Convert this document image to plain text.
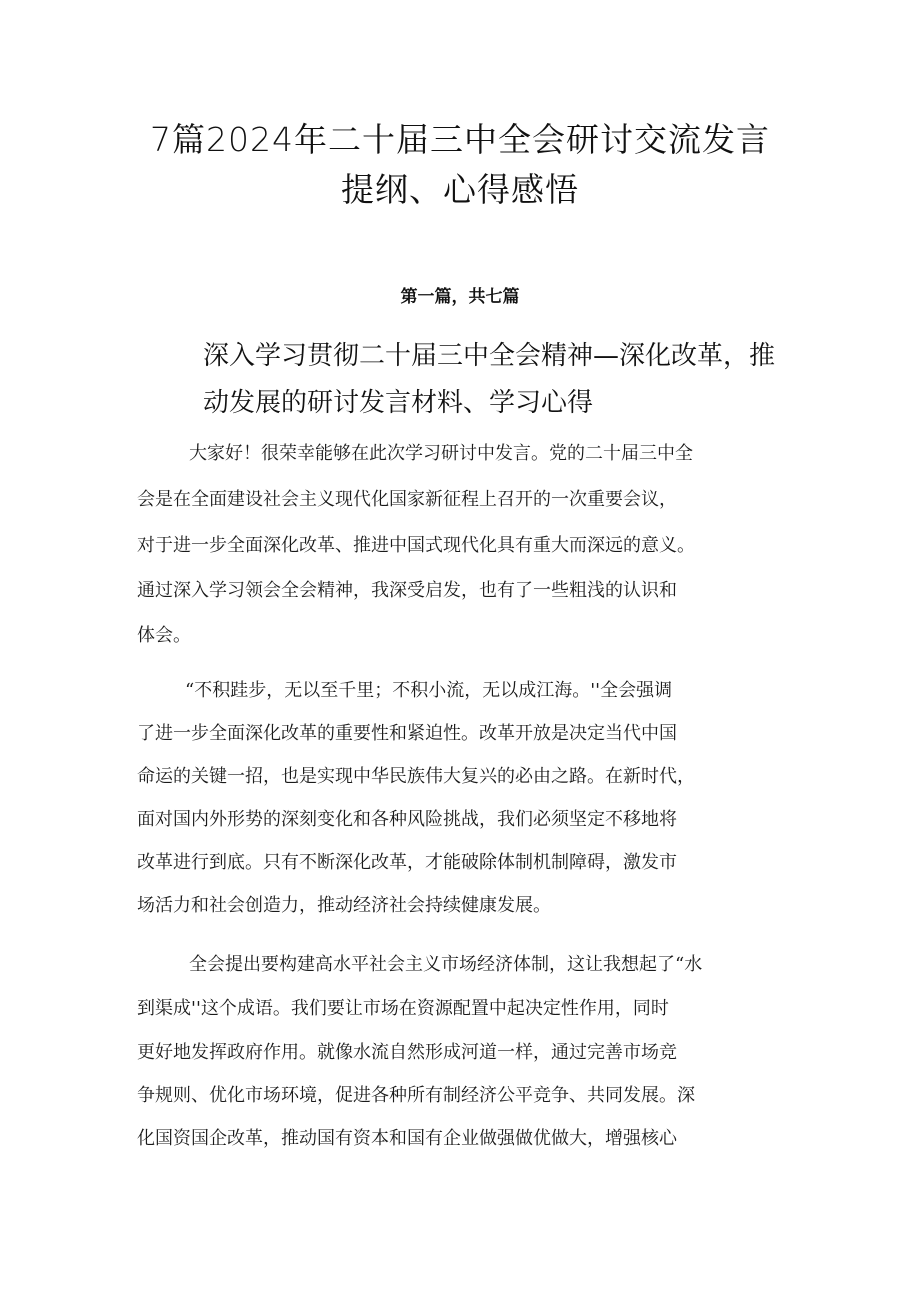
7篇2024年二十届三中全会研讨交流发言
提纲、心得感悟
第一篇，共七篇
深入学习贯彻二十届三中全会精神—深化改革，推
动发展的研讨发言材料、学习心得
大家好！很荣幸能够在此次学习研讨中发言。党的二十届三中全
会是在全面建设社会主义现代化国家新征程上召开的一次重要会议，
对于进一步全面深化改革、推进中国式现代化具有重大而深远的意义。
通过深入学习领会全会精神，我深受启发，也有了一些粗浅的认识和
体会。
“不积跬步，无以至千里；不积小流，无以成江海。''全会强调
了进一步全面深化改革的重要性和紧迫性。改革开放是决定当代中国
命运的关键一招，也是实现中华民族伟大复兴的必由之路。在新时代，
面对国内外形势的深刻变化和各种风险挑战，我们必须坚定不移地将
改革进行到底。只有不断深化改革，才能破除体制机制障碍，激发市
场活力和社会创造力，推动经济社会持续健康发展。
全会提出要构建高水平社会主义市场经济体制，这让我想起了“水
到渠成''这个成语。我们要让市场在资源配置中起决定性作用，同时
更好地发挥政府作用。就像水流自然形成河道一样，通过完善市场竞
争规则、优化市场环境，促进各种所有制经济公平竞争、共同发展。深
化国资国企改革，推动国有资本和国有企业做强做优做大，增强核心
